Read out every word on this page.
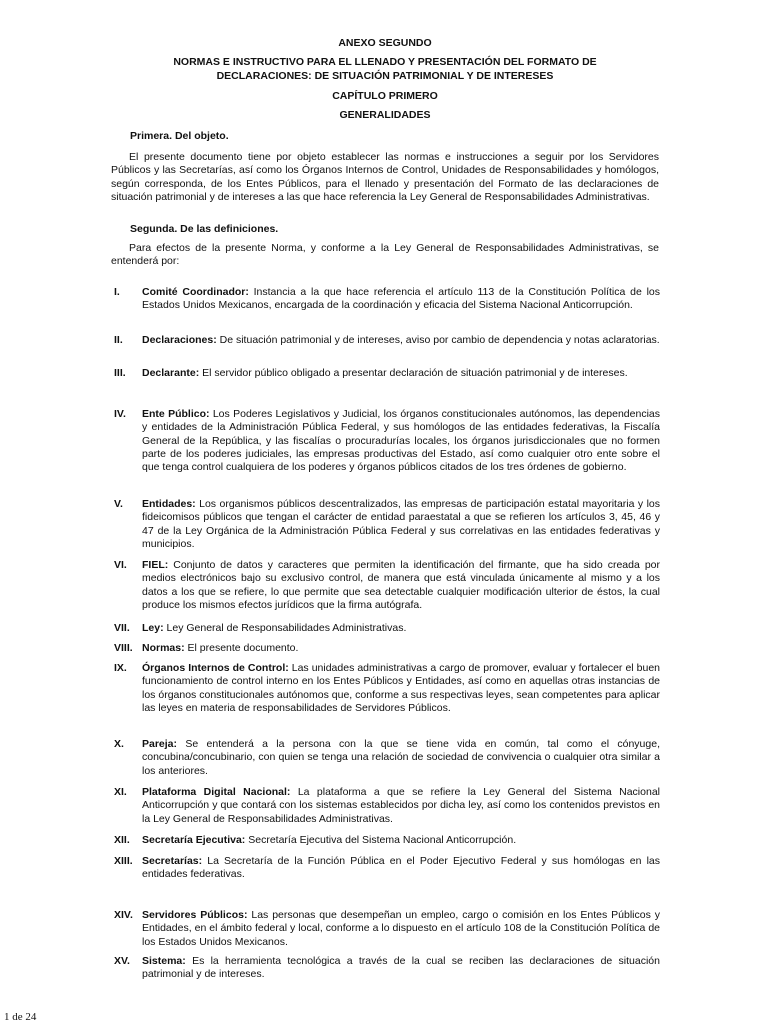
ANEXO SEGUNDO
NORMAS E INSTRUCTIVO PARA EL LLENADO Y PRESENTACIÓN DEL FORMATO DE
DECLARACIONES: DE SITUACIÓN PATRIMONIAL Y DE INTERESES
CAPÍTULO PRIMERO
GENERALIDADES
Primera. Del objeto.
El presente documento tiene por objeto establecer las normas e instrucciones a seguir por los Servidores Públicos y las Secretarías, así como los Órganos Internos de Control, Unidades de Responsabilidades y homólogos, según corresponda, de los Entes Públicos, para el llenado y presentación del Formato de las declaraciones de situación patrimonial y de intereses a las que hace referencia la Ley General de Responsabilidades Administrativas.
Segunda. De las definiciones.
Para efectos de la presente Norma, y conforme a la Ley General de Responsabilidades Administrativas, se entenderá por:
I. Comité Coordinador: Instancia a la que hace referencia el artículo 113 de la Constitución Política de los Estados Unidos Mexicanos, encargada de la coordinación y eficacia del Sistema Nacional Anticorrupción.
II. Declaraciones: De situación patrimonial y de intereses, aviso por cambio de dependencia y notas aclaratorias.
III. Declarante: El servidor público obligado a presentar declaración de situación patrimonial y de intereses.
IV. Ente Público: Los Poderes Legislativos y Judicial, los órganos constitucionales autónomos, las dependencias y entidades de la Administración Pública Federal, y sus homólogos de las entidades federativas, la Fiscalía General de la República, y las fiscalías o procuradurías locales, los órganos jurisdiccionales que no formen parte de los poderes judiciales, las empresas productivas del Estado, así como cualquier otro ente sobre el que tenga control cualquiera de los poderes y órganos públicos citados de los tres órdenes de gobierno.
V. Entidades: Los organismos públicos descentralizados, las empresas de participación estatal mayoritaria y los fideicomisos públicos que tengan el carácter de entidad paraestatal a que se refieren los artículos 3, 45, 46 y 47 de la Ley Orgánica de la Administración Pública Federal y sus correlativas en las entidades federativas y municipios.
VI. FIEL: Conjunto de datos y caracteres que permiten la identificación del firmante, que ha sido creada por medios electrónicos bajo su exclusivo control, de manera que está vinculada únicamente al mismo y a los datos a los que se refiere, lo que permite que sea detectable cualquier modificación ulterior de éstos, la cual produce los mismos efectos jurídicos que la firma autógrafa.
VII. Ley: Ley General de Responsabilidades Administrativas.
VIII. Normas: El presente documento.
IX. Órganos Internos de Control: Las unidades administrativas a cargo de promover, evaluar y fortalecer el buen funcionamiento de control interno en los Entes Públicos y Entidades, así como en aquellas otras instancias de los órganos constitucionales autónomos que, conforme a sus respectivas leyes, sean competentes para aplicar las leyes en materia de responsabilidades de Servidores Públicos.
X. Pareja: Se entenderá a la persona con la que se tiene vida en común, tal como el cónyuge, concubina/concubinario, con quien se tenga una relación de sociedad de convivencia o cualquier otra similar a los anteriores.
XI. Plataforma Digital Nacional: La plataforma a que se refiere la Ley General del Sistema Nacional Anticorrupción y que contará con los sistemas establecidos por dicha ley, así como los contenidos previstos en la Ley General de Responsabilidades Administrativas.
XII. Secretaría Ejecutiva: Secretaría Ejecutiva del Sistema Nacional Anticorrupción.
XIII. Secretarías: La Secretaría de la Función Pública en el Poder Ejecutivo Federal y sus homólogas en las entidades federativas.
XIV. Servidores Públicos: Las personas que desempeñan un empleo, cargo o comisión en los Entes Públicos y Entidades, en el ámbito federal y local, conforme a lo dispuesto en el artículo 108 de la Constitución Política de los Estados Unidos Mexicanos.
XV. Sistema: Es la herramienta tecnológica a través de la cual se reciben las declaraciones de situación patrimonial y de intereses.
1 de 24
